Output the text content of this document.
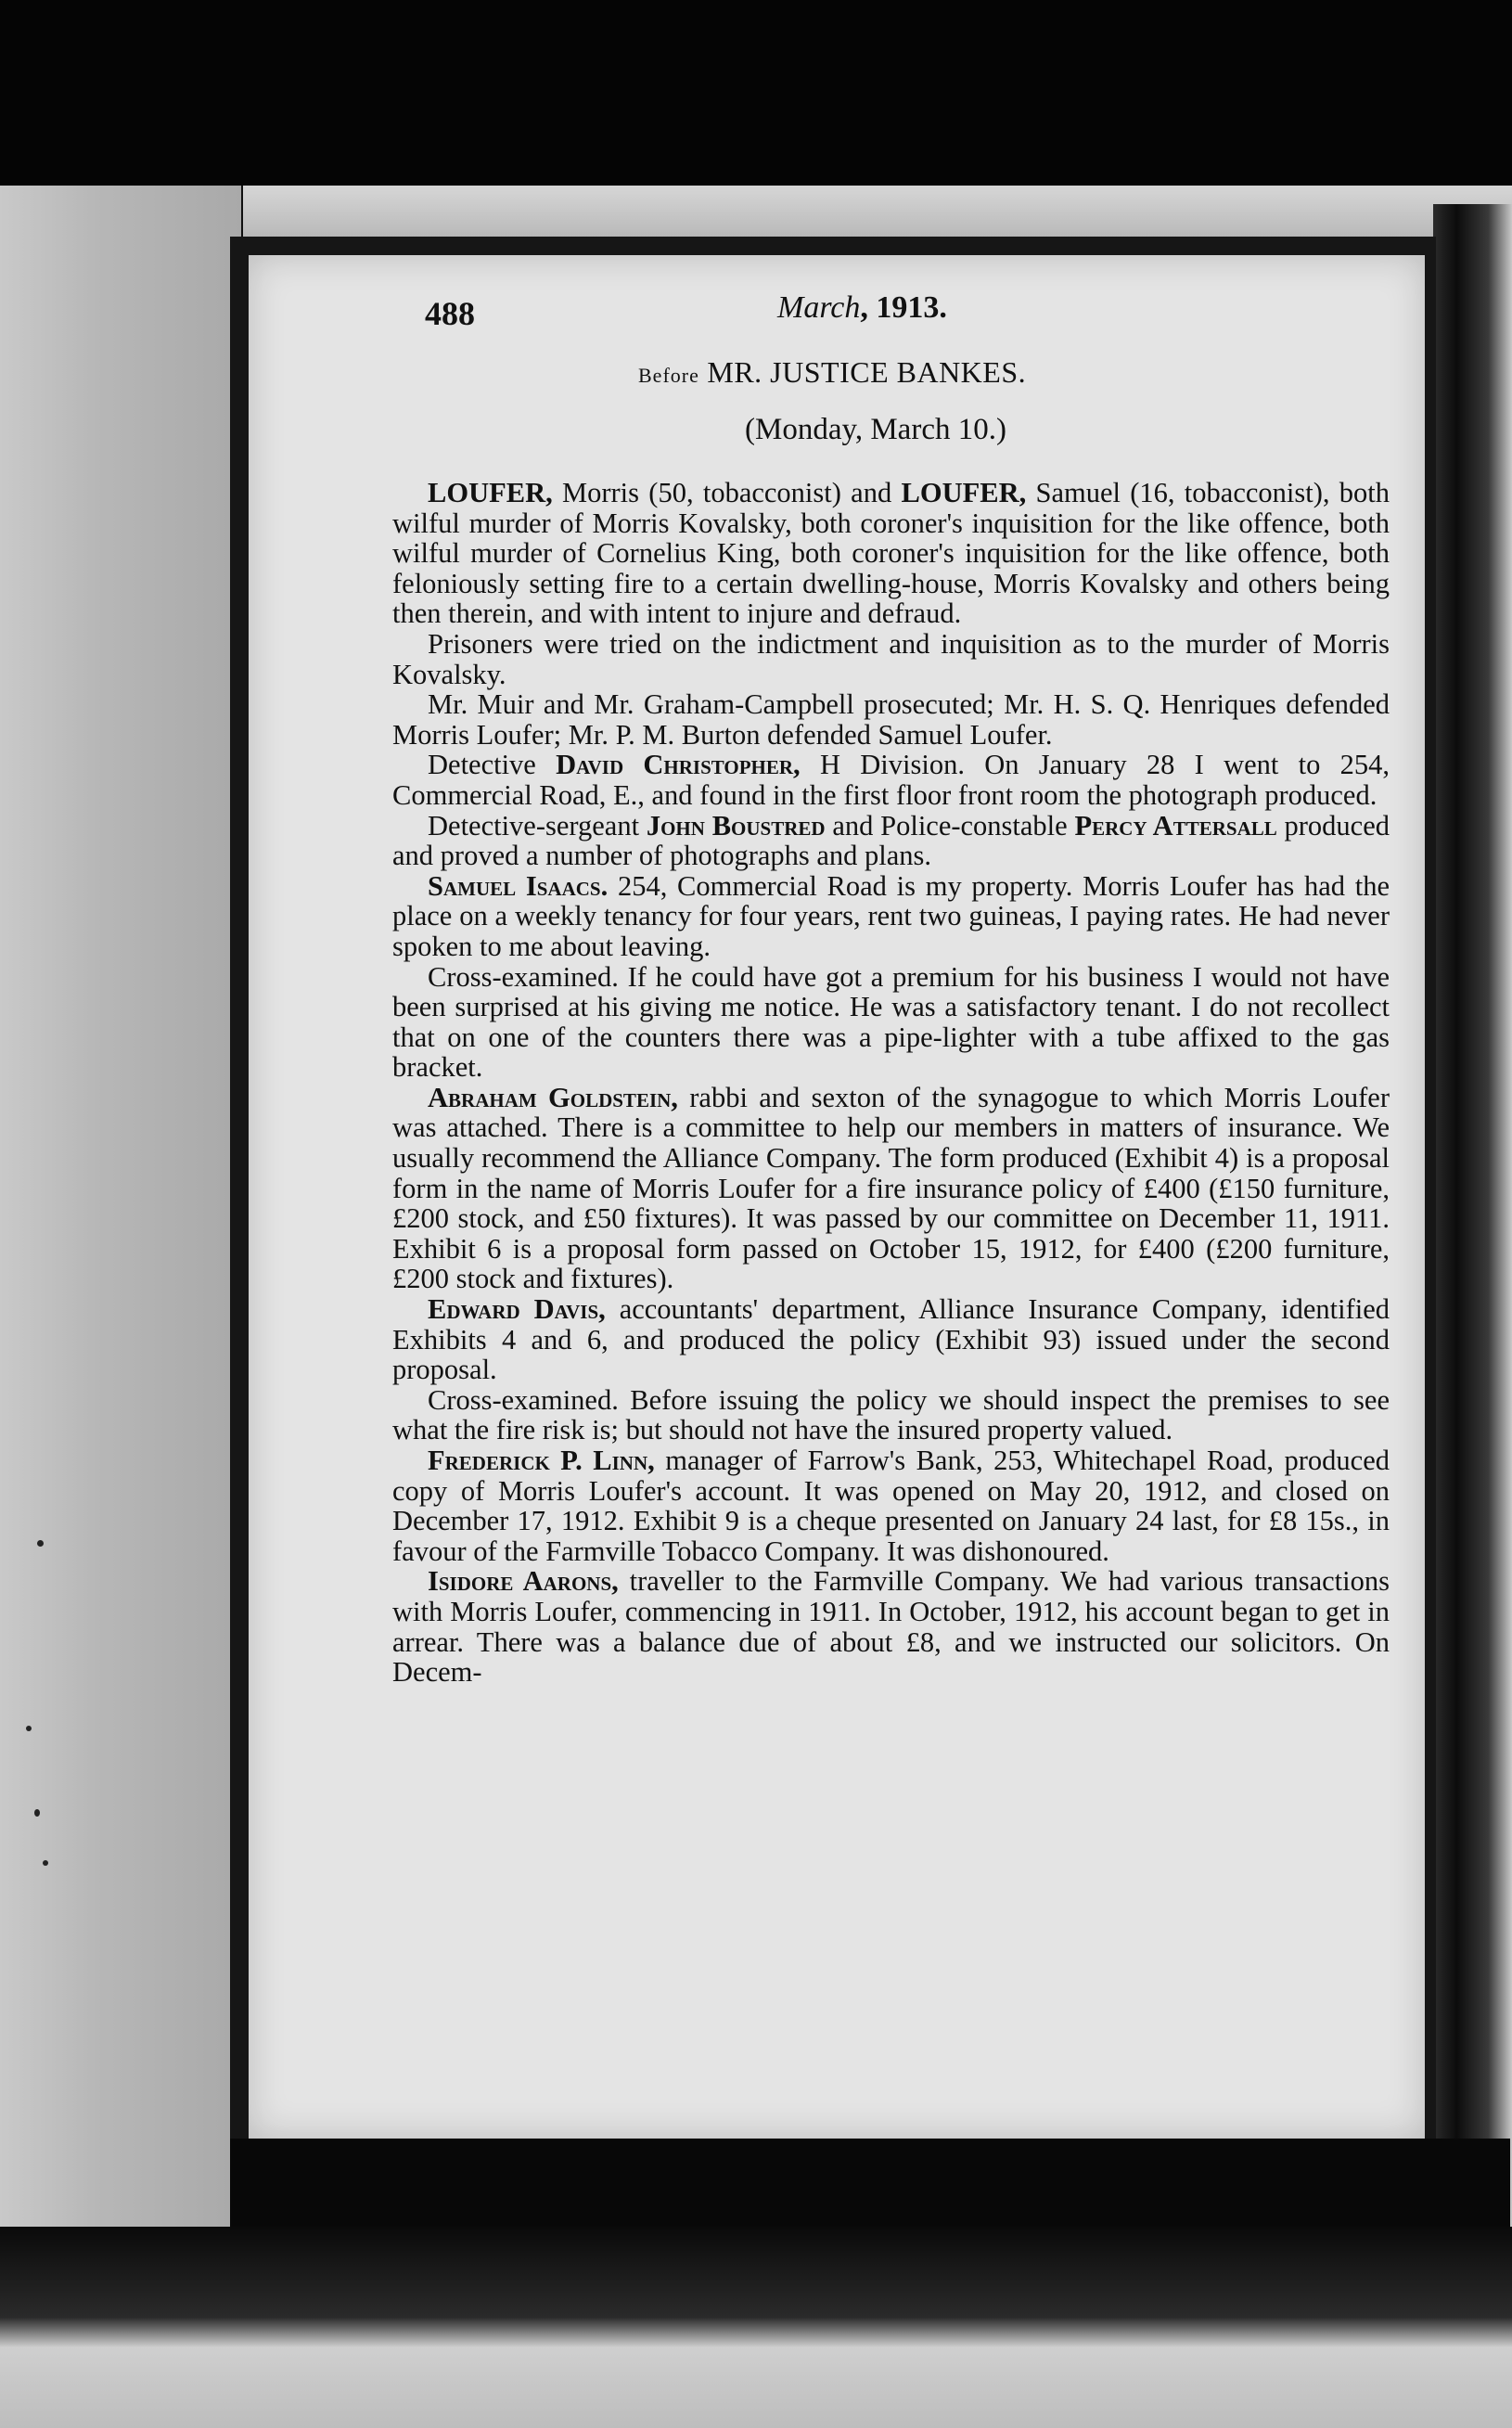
488	March, 1913.
Before MR. JUSTICE BANKES.
(Monday, March 10.)

LOUFER, Morris (50, tobacconist) and LOUFER, Samuel (16, tobacconist), both wilful murder of Morris Kovalsky, both coroner's inquisition for the like offence, both wilful murder of Cornelius King, both coroner's inquisition for the like offence, both feloniously setting fire to a certain dwelling-house, Morris Kovalsky and others being then therein, and with intent to injure and defraud.

Prisoners were tried on the indictment and inquisition as to the murder of Morris Kovalsky.

Mr. Muir and Mr. Graham-Campbell prosecuted; Mr. H. S. Q. Henriques defended Morris Loufer; Mr. P. M. Burton defended Samuel Loufer.

Detective David Christopher, H Division. On January 28 I went to 254, Commercial Road, E., and found in the first floor front room the photograph produced.

Detective-sergeant John Boustred and Police-constable Percy Attersall produced and proved a number of photographs and plans.

Samuel Isaacs. 254, Commercial Road is my property. Morris Loufer has had the place on a weekly tenancy for four years, rent two guineas, I paying rates. He had never spoken to me about leaving.

Cross-examined. If he could have got a premium for his business I would not have been surprised at his giving me notice. He was a satisfactory tenant. I do not recollect that on one of the counters there was a pipe-lighter with a tube affixed to the gas bracket.

Abraham Goldstein, rabbi and sexton of the synagogue to which Morris Loufer was attached. There is a committee to help our members in matters of insurance. We usually recommend the Alliance Company. The form produced (Exhibit 4) is a proposal form in the name of Morris Loufer for a fire insurance policy of £400 (£150 furniture, £200 stock, and £50 fixtures). It was passed by our committee on December 11, 1911. Exhibit 6 is a proposal form passed on October 15, 1912, for £400 (£200 furniture, £200 stock and fixtures).

Edward Davis, accountants' department, Alliance Insurance Company, identified Exhibits 4 and 6, and produced the policy (Exhibit 93) issued under the second proposal.

Cross-examined. Before issuing the policy we should inspect the premises to see what the fire risk is; but should not have the insured property valued.

Frederick P. Linn, manager of Farrow's Bank, 253, Whitechapel Road, produced copy of Morris Loufer's account. It was opened on May 20, 1912, and closed on December 17, 1912. Exhibit 9 is a cheque presented on January 24 last, for £8 15s., in favour of the Farmville Tobacco Company. It was dishonoured.

Isidore Aarons, traveller to the Farmville Company. We had various transactions with Morris Loufer, commencing in 1911. In October, 1912, his account began to get in arrear. There was a balance due of about £8, and we instructed our solicitors. On Decem-
